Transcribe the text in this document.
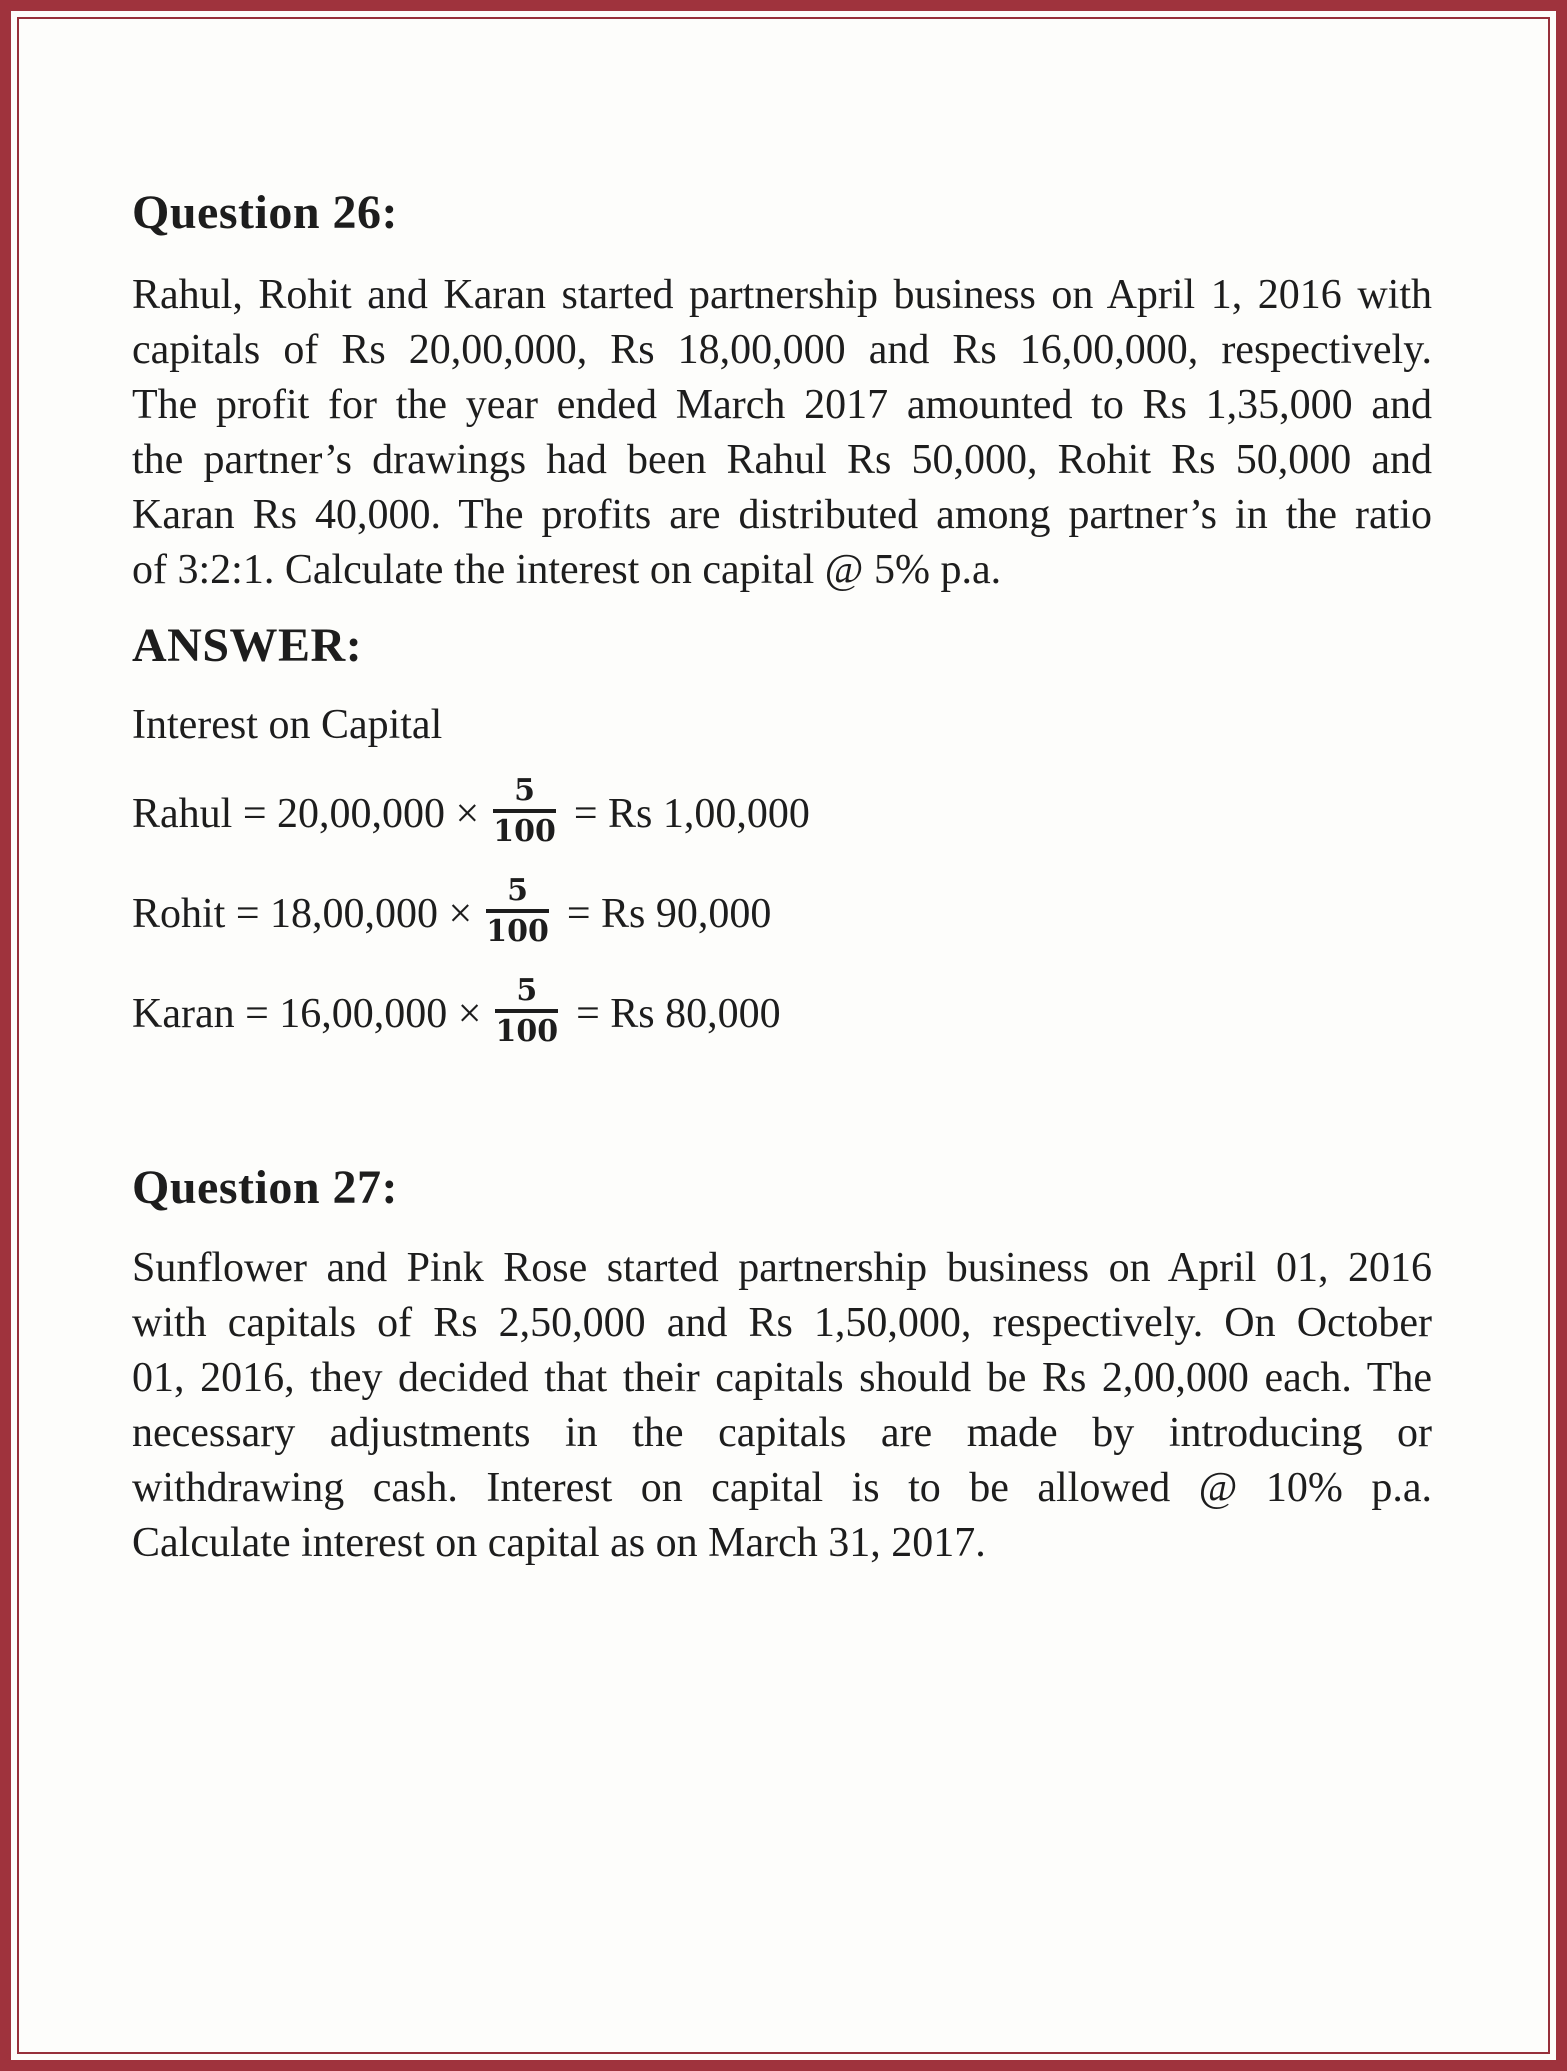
Question 26:
Rahul, Rohit and Karan started partnership business on April 1, 2016 with
capitals of Rs 20,00,000, Rs 18,00,000 and Rs 16,00,000, respectively.
The profit for the year ended March 2017 amounted to Rs 1,35,000 and
the partner’s drawings had been Rahul Rs 50,000, Rohit Rs 50,000 and
Karan Rs 40,000. The profits are distributed among partner’s in the ratio
of 3:2:1. Calculate the interest on capital @ 5% p.a.
ANSWER:
Interest on Capital
Rahul = $20,00,000 \times \frac{5}{100} = Rs$ 1,00,000
Rohit = $18,00,000 \times \frac{5}{100} = Rs$ 90,000
Karan = $16,00,000 \times \frac{5}{100} = Rs$ 80,000
Question 27:
Sunflower and Pink Rose started partnership business on April 01, 2016
with capitals of Rs 2,50,000 and Rs 1,50,000, respectively. On October
01, 2016, they decided that their capitals should be Rs 2,00,000 each. The
necessary adjustments in the capitals are made by introducing or
withdrawing cash. Interest on capital is to be allowed @ 10% p.a.
Calculate interest on capital as on March 31, 2017.
